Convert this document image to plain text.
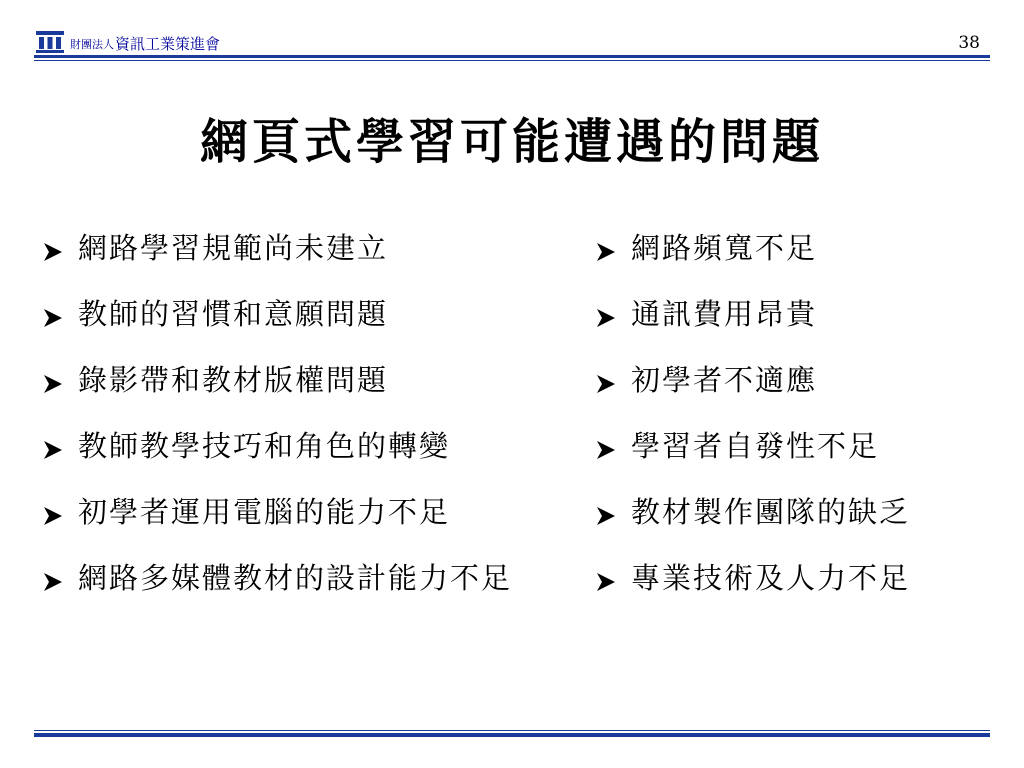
財團法人 資訊工業策進會	38
網頁式學習可能遭遇的問題
網路學習規範尚未建立
教師的習慣和意願問題
錄影帶和教材版權問題
教師教學技巧和角色的轉變
初學者運用電腦的能力不足
網路多媒體教材的設計能力不足
網路頻寬不足
通訊費用昂貴
初學者不適應
學習者自發性不足
教材製作團隊的缺乏
專業技術及人力不足
